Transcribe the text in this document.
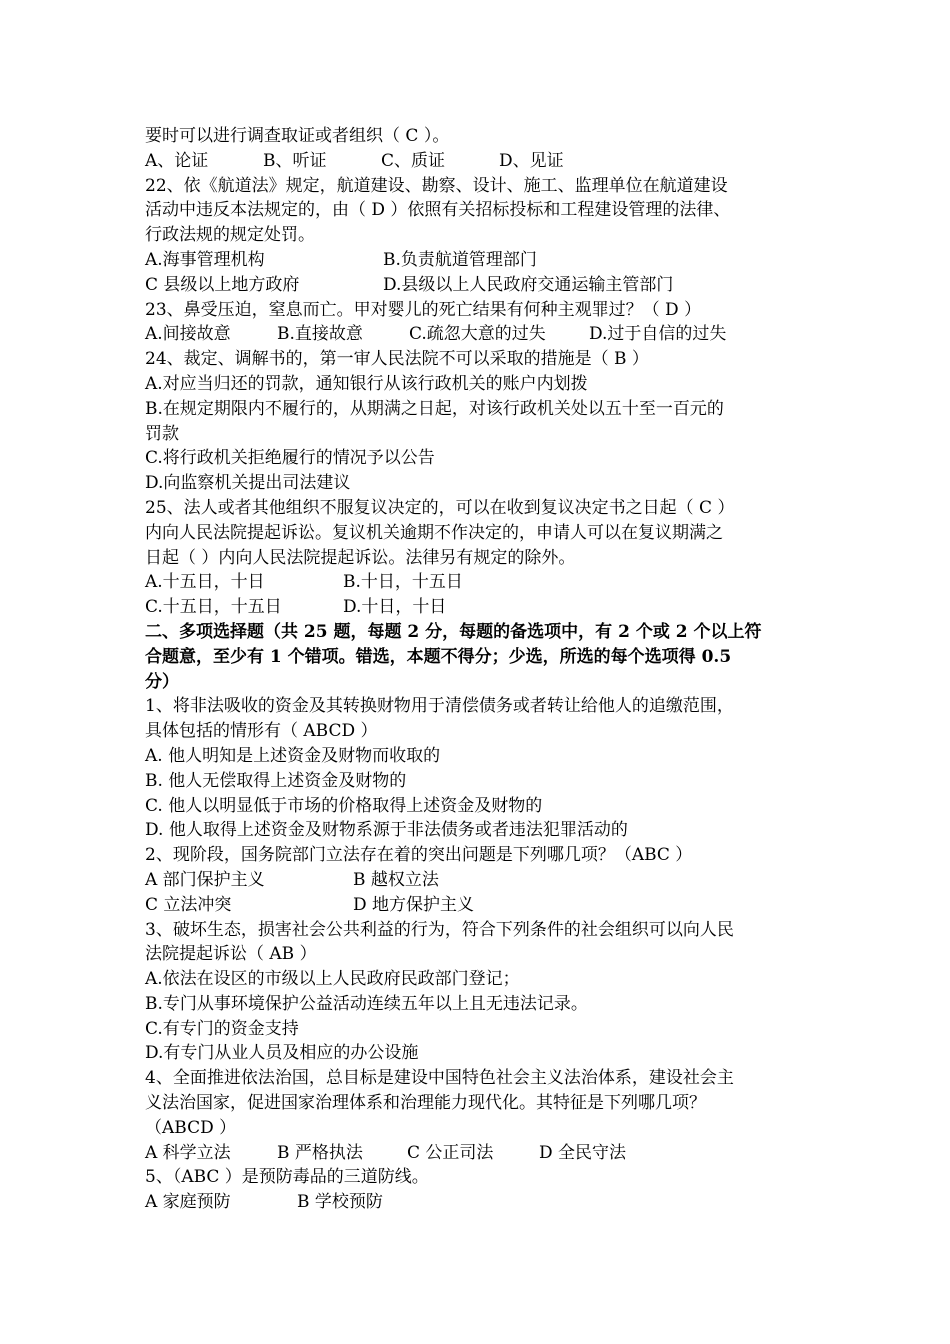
要时可以进行调查取证或者组织（ C ）。
A、论证	B、听证	C、质证	D、见证
22、依《航道法》规定，航道建设、勘察、设计、施工、监理单位在航道建设
活动中违反本法规定的，由（ D ）依照有关招标投标和工程建设管理的法律、
行政法规的规定处罚。
A.海事管理机构	B.负责航道管理部门
C 县级以上地方政府	D.县级以上人民政府交通运输主管部门
23、鼻受压迫，窒息而亡。甲对婴儿的死亡结果有何种主观罪过？（ D ）
A.间接故意	B.直接故意	C.疏忽大意的过失	D.过于自信的过失
24、裁定、调解书的，第一审人民法院不可以采取的措施是（ B ）
A.对应当归还的罚款，通知银行从该行政机关的账户内划拨
B.在规定期限内不履行的，从期满之日起，对该行政机关处以五十至一百元的
罚款
C.将行政机关拒绝履行的情况予以公告
D.向监察机关提出司法建议
25、法人或者其他组织不服复议决定的，可以在收到复议决定书之日起（ C ）
内向人民法院提起诉讼。复议机关逾期不作决定的，申请人可以在复议期满之
日起（ ）内向人民法院提起诉讼。法律另有规定的除外。
A.十五日，十日	B.十日，十五日
C.十五日，十五日	D.十日，十日
二、多项选择题（共 25 题，每题 2 分，每题的备选项中，有 2 个或 2 个以上符
合题意，至少有 1 个错项。错选，本题不得分；少选，所选的每个选项得 0.5
分）
1、将非法吸收的资金及其转换财物用于清偿债务或者转让给他人的追缴范围，
具体包括的情形有（ ABCD ）
A. 他人明知是上述资金及财物而收取的
B. 他人无偿取得上述资金及财物的
C. 他人以明显低于市场的价格取得上述资金及财物的
D. 他人取得上述资金及财物系源于非法债务或者违法犯罪活动的
2、现阶段，国务院部门立法存在着的突出问题是下列哪几项？（ABC ）
A 部门保护主义	B 越权立法
C 立法冲突	D 地方保护主义
3、破坏生态，损害社会公共利益的行为，符合下列条件的社会组织可以向人民
法院提起诉讼（ AB ）
A.依法在设区的市级以上人民政府民政部门登记；
B.专门从事环境保护公益活动连续五年以上且无违法记录。
C.有专门的资金支持
D.有专门从业人员及相应的办公设施
4、全面推进依法治国，总目标是建设中国特色社会主义法治体系，建设社会主
义法治国家，促进国家治理体系和治理能力现代化。其特征是下列哪几项？
（ABCD ）
A 科学立法	B 严格执法	C 公正司法	D 全民守法
5、（ABC ）是预防毒品的三道防线。
A 家庭预防	B 学校预防
